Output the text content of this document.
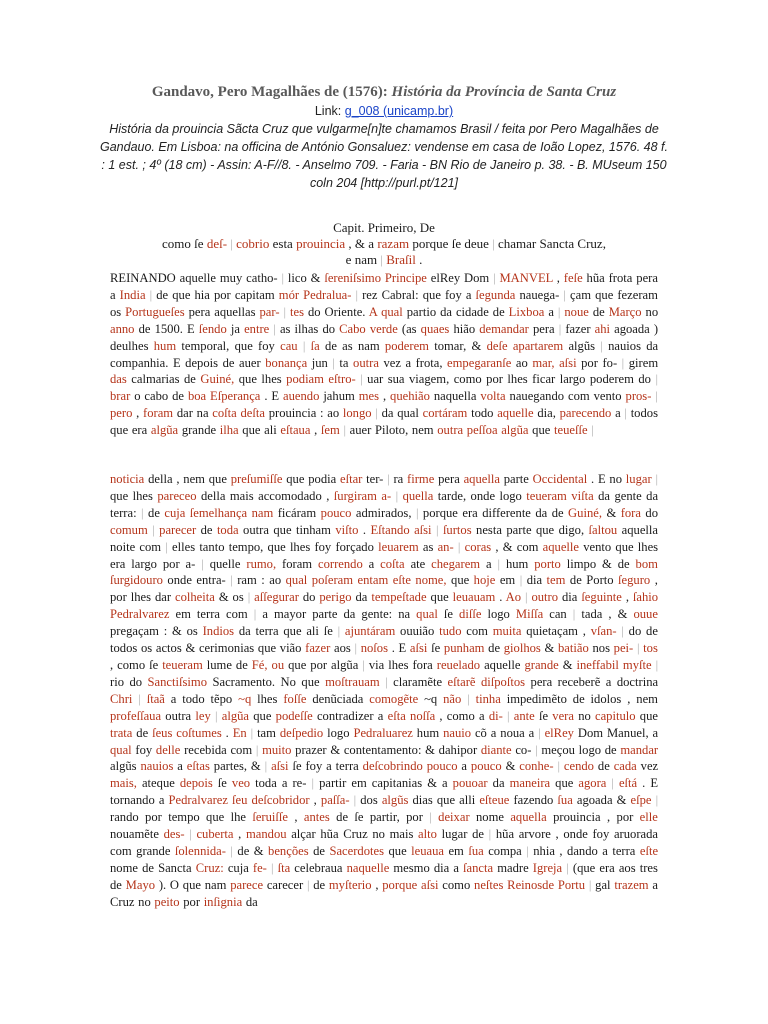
Gandavo, Pero Magalhães de (1576): História da Província de Santa Cruz
Link: g_008 (unicamp.br)
História da prouincia Sãcta Cruz que vulgarme[n]te chamamos Brasil / feita por Pero Magalhães de Gandauo. Em Lisboa: na officina de António Gonsaluez: vendense em casa de Ioão Lopez, 1576. 48 f. : 1 est. ; 4º (18 cm) - Assin: A-F//8. - Anselmo 709. - Faria - BN Rio de Janeiro p. 38. - B. MUseum 150 coln 204 [http://purl.pt/121]
Capit. Primeiro, De
como ſe deſ- | cobrio esta prouincia , & a razam porque ſe deue | chamar Sancta Cruz,
e nam | Braſil .
REINANDO aquelle muy catho- | lico & ſereniſsimo Principe elRey Dom | MANVEL , feſe hũa frota pera a India | de que hia por capitam mór Pedralua- | rez Cabral: que foy a ſegunda nauega- | çam que fezeram os Portugueſes pera aquellas par- | tes do Oriente. A qual partio da cidade de Lixboa a | noue de Março no anno de 1500. E ſendo ja entre | as ilhas do Cabo verde (as quaes hião demandar pera | fazer ahi agoada ) deulhes hum temporal, que foy cau | ſa de as nam poderem tomar, & deſe apartarem algũs | nauios da companhia. E depois de auer bonança jun | ta outra vez a frota, empegaranſe ao mar, aſsi por fo- | girem das calmarias de Guiné, que lhes podiam eſtro- | uar sua viagem, como por lhes ficar largo poderem do | brar o cabo de boa Eſperança . E auendo jahum mes , quehião naquella volta nauegando com vento pros- | pero , foram dar na coſta deſta prouincia : ao longo | da qual cortáram todo aquelle dia, parecendo a | todos que era algũa grande ilha que ali eſtaua , ſem | auer Piloto, nem outra peſſoa algũa que teueſſe |
noticia della , nem que preſumiſſe que podia eſtar ter- | ra firme pera aquella parte Occidental . E no lugar | que lhes pareceo della mais accomodado , ſurgiram a- | quella tarde, onde logo teueram viſta da gente da terra: | de cuja ſemelhança nam ficáram pouco admirados, | porque era differente da de Guiné, & fora do comum | parecer de toda outra que tinham viſto . Eſtando aſsi | ſurtos nesta parte que digo, ſaltou aquella noite com | elles tanto tempo, que lhes foy forçado leuarem as an- | coras , & com aquelle vento que lhes era largo por a- | quelle rumo, foram correndo a coſta ate chegarem a | hum porto limpo & de bom ſurgidouro onde entra- | ram : ao qual poſeram entam eſte nome, que hoje em | dia tem de Porto ſeguro , por lhes dar colheita & os | aſſegurar do perigo da tempeſtade que leuauam . Ao | outro dia ſeguinte , ſahio Pedralvarez em terra com | a mayor parte da gente: na qual ſe diſſe logo Miſſa can | tada , & ouue pregaçam : & os Indios da terra que ali ſe | ajuntáram ouuião tudo com muita quietaçam , vſan- | do de todos os actos & cerimonias que vião fazer aos | noſos . E aſsi ſe punham de giolhos & batião nos pei- | tos , como ſe teueram lume de Fé, ou que por algũa | via lhes fora reuelado aquelle grande & ineffabil myſte | rio do Sanctiſsimo Sacramento. No que moſtrauam | claramẽte eſtarẽ diſpoſtos pera receberẽ a doctrina Chri | ſtaã a todo tẽpo ~q lhes foſſe denũciada comogẽte ~q não | tinha impedimẽto de idolos , nem profeſſaua outra ley | algũa que podeſſe contradizer a eſta noſſa , como a di- | ante ſe vera no capitulo que trata de ſeus coſtumes . En | tam deſpedio logo Pedraluarez hum nauio cõ a noua a | elRey Dom Manuel, a qual foy delle recebida com | muito prazer & contentamento: & dahipor diante co- | meçou logo de mandar algũs nauios a eſtas partes, & | aſsi ſe foy a terra deſcobrindo pouco a pouco & conhe- | cendo de cada vez mais, ateque depois ſe veo toda a re- | partir em capitanias & a pouoar da maneira que agora | eſtá . E tornando a Pedralvarez ſeu deſcobridor , paſſa- | dos algũs dias que alli eſteue fazendo ſua agoada & eſpe | rando por tempo que lhe ſeruiſſe , antes de ſe partir, por | deixar nome aquella prouincia , por elle nouamẽte des- | cuberta , mandou alçar hũa Cruz no mais alto lugar de | hũa arvore , onde foy aruorada com grande ſolennida- | de & benções de Sacerdotes que leuaua em ſua compa | nhia , dando a terra eſte nome de Sancta Cruz: cuja fe- | ſta celebraua naquelle mesmo dia a ſancta madre Igreja | (que era aos tres de Mayo ). O que nam parece carecer | de myſterio , porque aſsi como neſtes Reinosde Portu | gal trazem a Cruz no peito por inſignia da
